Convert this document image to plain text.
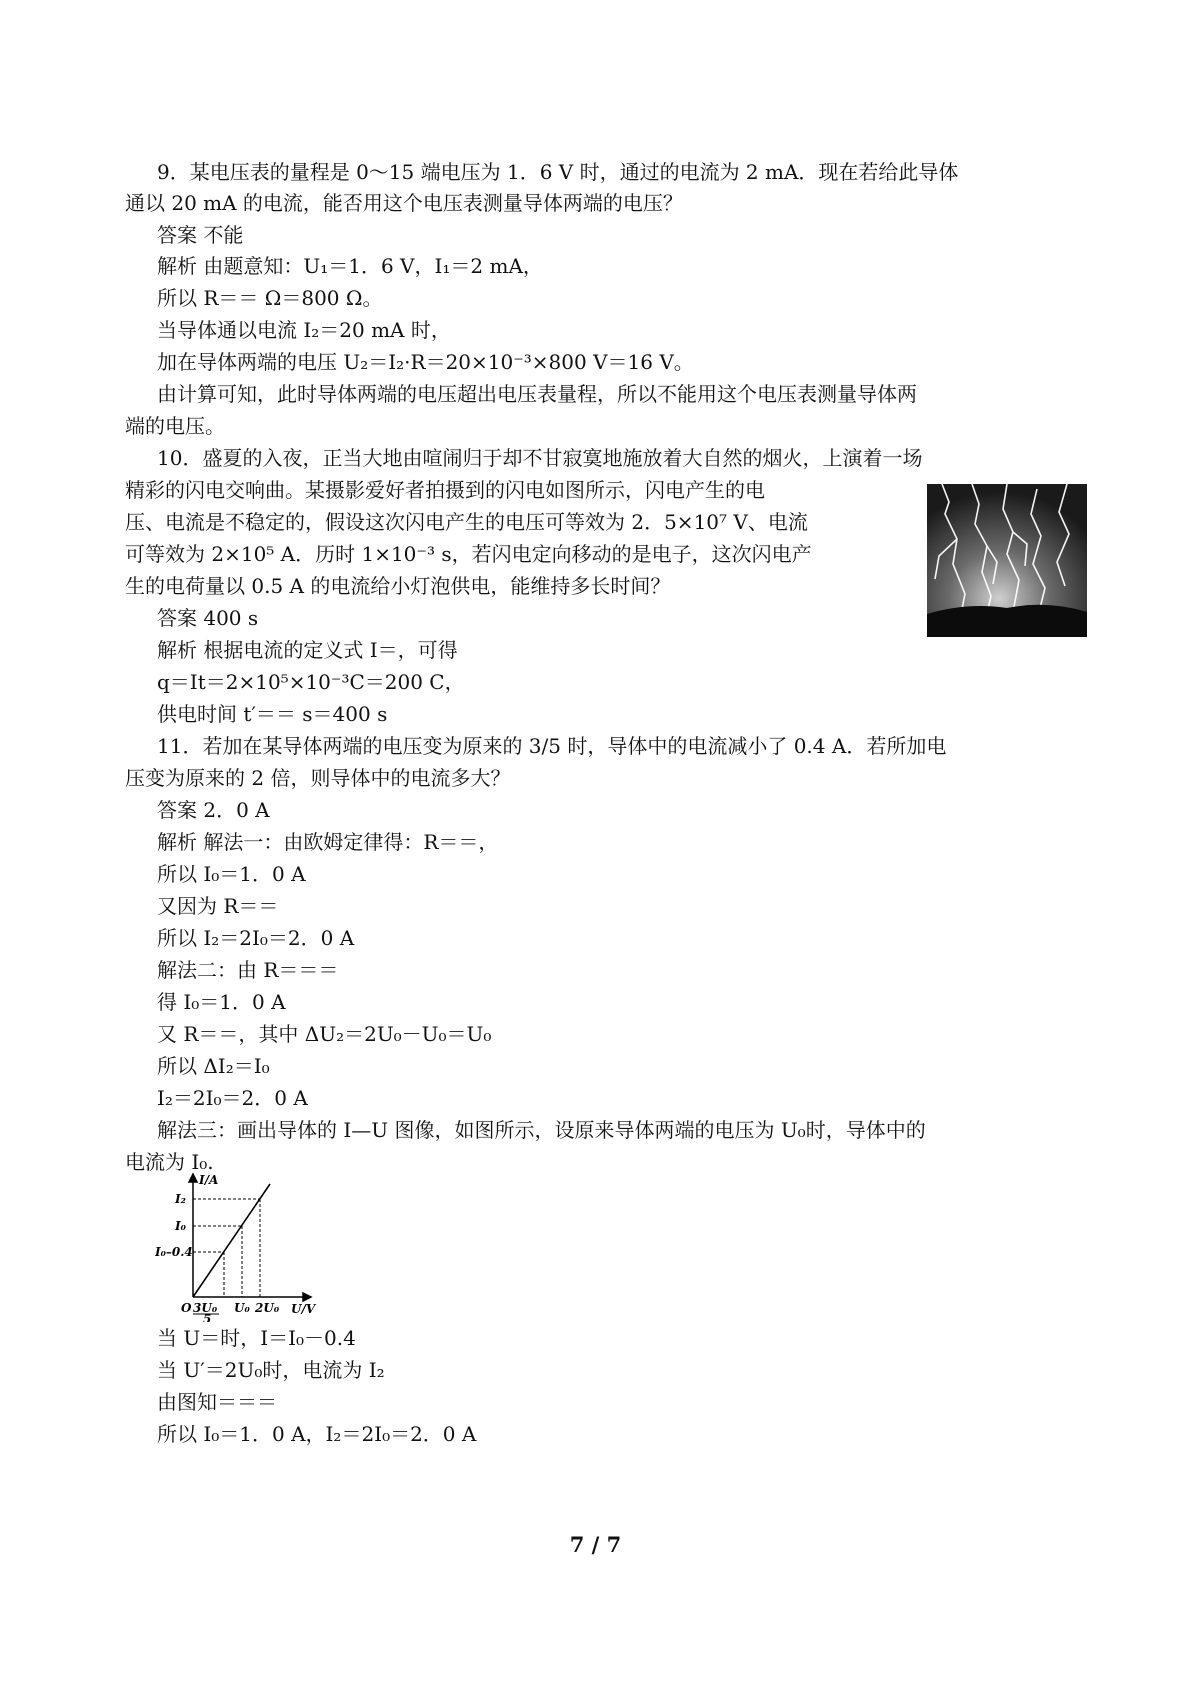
9．某电压表的量程是 0～15 端电压为 1．6 V 时，通过的电流为 2 mA．现在若给此导体
通以 20 mA 的电流，能否用这个电压表测量导体两端的电压？
答案 不能
解析 由题意知：U₁＝1．6 V，I₁＝2 mA，
所以 R＝＝ Ω＝800 Ω。
当导体通以电流 I₂＝20 mA 时，
加在导体两端的电压 U₂＝I₂·R＝20×10⁻³×800 V＝16 V。
由计算可知，此时导体两端的电压超出电压表量程，所以不能用这个电压表测量导体两
端的电压。
10．盛夏的入夜，正当大地由喧闹归于却不甘寂寞地施放着大自然的烟火，上演着一场
精彩的闪电交响曲。某摄影爱好者拍摄到的闪电如图所示，闪电产生的电
压、电流是不稳定的，假设这次闪电产生的电压可等效为 2．5×10⁷ V、电流
可等效为 2×10⁵ A．历时 1×10⁻³ s，若闪电定向移动的是电子，这次闪电产
生的电荷量以 0.5 A 的电流给小灯泡供电，能维持多长时间？
答案 400 s
解析 根据电流的定义式 I＝，可得
q＝It＝2×10⁵×10⁻³C＝200 C，
供电时间 t′＝＝ s＝400 s
11．若加在某导体两端的电压变为原来的 3/5 时，导体中的电流减小了 0.4 A．若所加电
压变为原来的 2 倍，则导体中的电流多大？
答案 2．0 A
解析 解法一：由欧姆定律得：R＝＝，
所以 I₀＝1．0 A
又因为 R＝＝
所以 I₂＝2I₀＝2．0 A
解法二：由 R＝＝＝
得 I₀＝1．0 A
又 R＝＝，其中 ΔU₂＝2U₀－U₀＝U₀
所以 ΔI₂＝I₀
I₂＝2I₀＝2．0 A
解法三：画出导体的 I—U 图像，如图所示，设原来导体两端的电压为 U₀时，导体中的
电流为 I₀.
I/A
U/V
O
I₂
I₀
I₀–0.4
3U₀
5
U₀ 2U₀
当 U＝时，I＝I₀－0.4
当 U′＝2U₀时，电流为 I₂
由图知＝＝＝
所以 I₀＝1．0 A，I₂＝2I₀＝2．0 A
7 / 7
